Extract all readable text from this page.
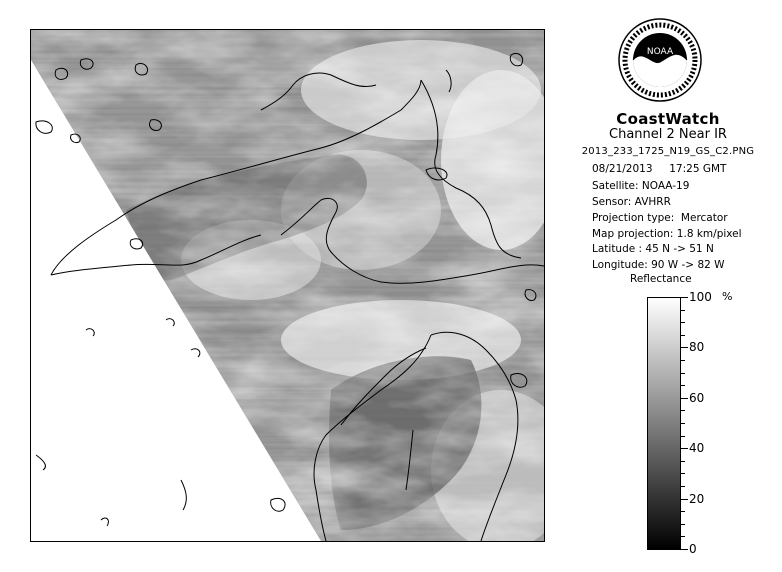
NOAA
CoastWatch
Channel 2 Near IR
2013_233_1725_N19_GS_C2.PNG
08/21/2013 17:25 GMT
Satellite: NOAA-19
Sensor: AVHRR
Projection type:  Mercator
Map projection: 1.8 km/pixel
Latitude : 45 N -> 51 N
Longitude: 90 W -> 82 W
Reflectance
%
100
80
60
40
20
0
